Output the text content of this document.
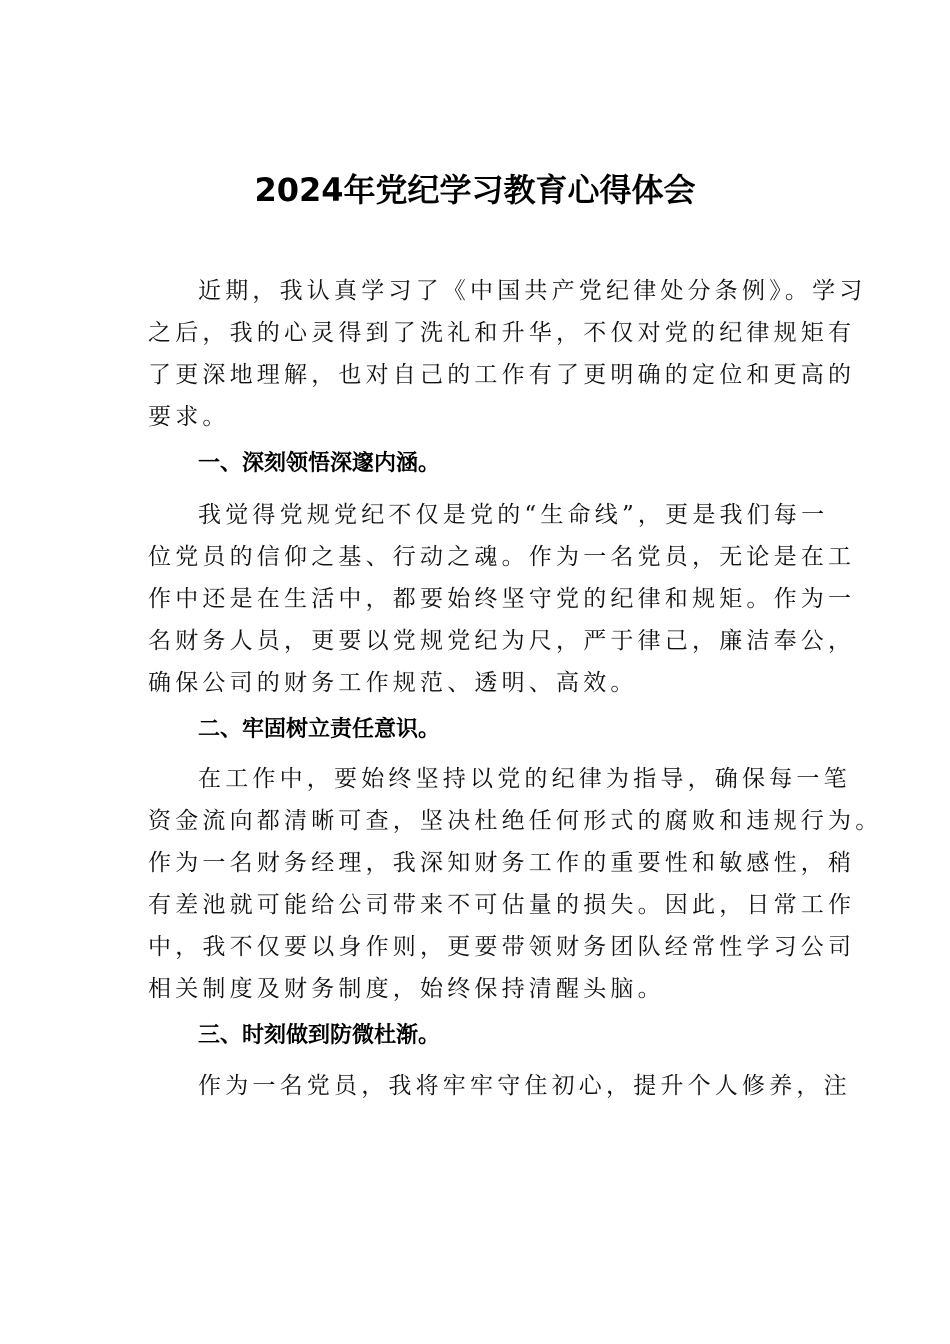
2024年党纪学习教育心得体会
近期，我认真学习了《中国共产党纪律处分条例》。学习
之后，我的心灵得到了洗礼和升华，不仅对党的纪律规矩有
了更深地理解，也对自己的工作有了更明确的定位和更高的
要求。
一、深刻领悟深邃内涵。
我觉得党规党纪不仅是党的“生命线”，更是我们每一
位党员的信仰之基、行动之魂。作为一名党员，无论是在工
作中还是在生活中，都要始终坚守党的纪律和规矩。作为一
名财务人员，更要以党规党纪为尺，严于律己，廉洁奉公，
确保公司的财务工作规范、透明、高效。
二、牢固树立责任意识。
在工作中，要始终坚持以党的纪律为指导，确保每一笔
资金流向都清晰可查，坚决杜绝任何形式的腐败和违规行为。
作为一名财务经理，我深知财务工作的重要性和敏感性，稍
有差池就可能给公司带来不可估量的损失。因此，日常工作
中，我不仅要以身作则，更要带领财务团队经常性学习公司
相关制度及财务制度，始终保持清醒头脑。
三、时刻做到防微杜渐。
作为一名党员，我将牢牢守住初心，提升个人修养，注
